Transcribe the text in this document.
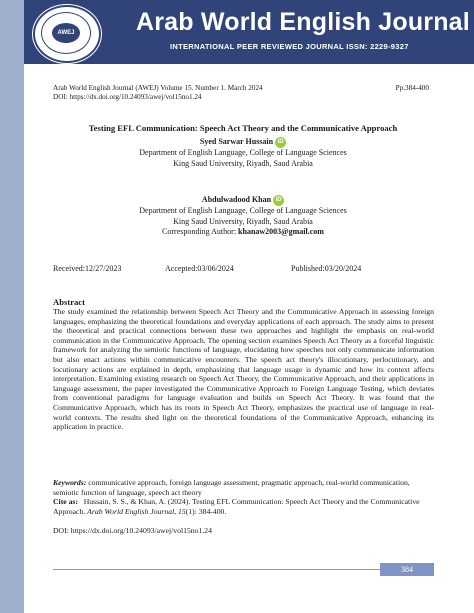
Arab World English Journal
INTERNATIONAL PEER REVIEWED JOURNAL ISSN: 2229-9327
AWEJ
Arab World English Journal (AWEJ) Volume 15. Number 1. March 2024
DOI: https://dx.doi.org/10.24093/awej/vol15no1.24
Pp.384-400
Testing EFL Communication: Speech Act Theory and the Communicative Approach
Syed Sarwar Hussain iD
Department of English Language, College of Language Sciences
King Saud University, Riyadh, Saud Arabia
Abdulwadood Khan iD
Department of English Language, College of Language Sciences
King Saud University, Riyadh, Saud Arabia
Corresponding Author: khanaw2003@gmail.com
Received:12/27/2023	Accepted:03/06/2024	Published:03/20/2024
Abstract
The study examined the relationship between Speech Act Theory and the Communicative Approach in assessing foreign languages, emphasizing the theoretical foundations and everyday applications of each approach. The study aims to present the theoretical and practical connections between these two approaches and highlight the emphasis on real-world communication in the Communicative Approach. The opening section examines Speech Act Theory as a forceful linguistic framework for analyzing the semiotic functions of language, elucidating how speeches not only communicate information but also enact actions within communicative encounters. The speech act theory's illocutionary, perlocutionary, and locutionary actions are explained in depth, emphasizing that language usage is dynamic and how its context affects interpretation. Examining existing research on Speech Act Theory, the Communicative Approach, and their applications in language assessment, the paper investigated the Communicative Approach to Foreign Language Testing, which deviates from conventional paradigms for language evaluation and builds on Speech Act Theory. It was found that the Communicative Approach, which has its roots in Speech Act Theory, emphasizes the practical use of language in real-world contexts. The results shed light on the theoretical foundations of the Communicative Approach, enhancing its application in practice.
Keywords: communicative approach, foreign language assessment, pragmatic approach, real-world communication, semiotic function of language, speech act theory
Cite as: Hussain, S. S., & Khan, A. (2024). Testing EFL Communication: Speech Act Theory and the Communicative Approach. Arab World English Journal, 15(1): 384-400.
DOI: https://dx.doi.org/10.24093/awej/vol15no1.24
384
